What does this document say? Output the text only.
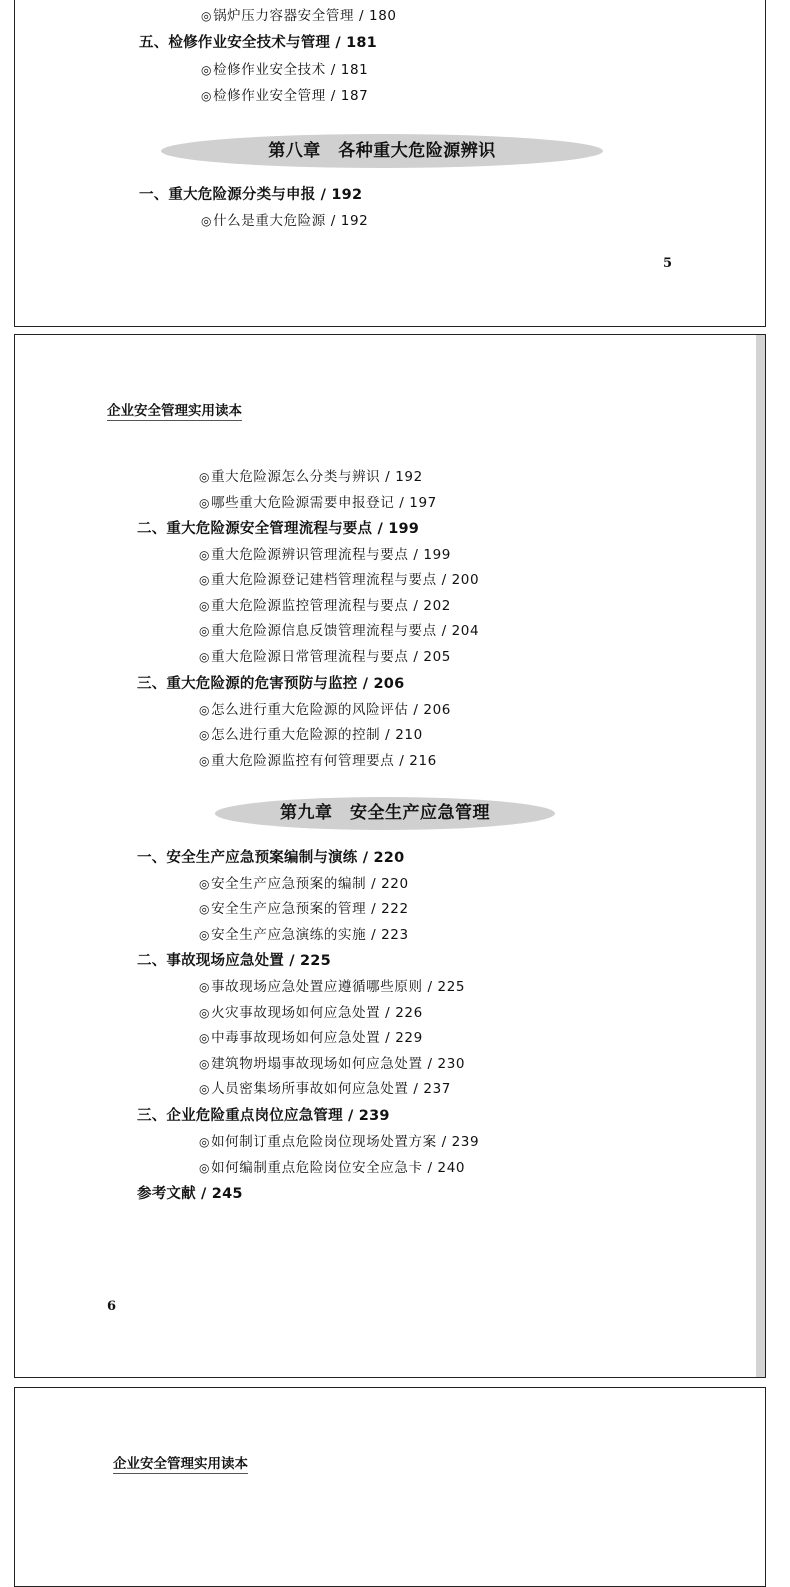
◎ 锅炉压力容器安全管理 / 180
五、检修作业安全技术与管理 / 181
◎ 检修作业安全技术 / 181
◎ 检修作业安全管理 / 187
第八章　各种重大危险源辨识
一、重大危险源分类与申报 / 192
◎ 什么是重大危险源 / 192
5
企业安全管理实用读本
◎ 重大危险源怎么分类与辨识 / 192
◎ 哪些重大危险源需要申报登记 / 197
二、重大危险源安全管理流程与要点 / 199
◎ 重大危险源辨识管理流程与要点 / 199
◎ 重大危险源登记建档管理流程与要点 / 200
◎ 重大危险源监控管理流程与要点 / 202
◎ 重大危险源信息反馈管理流程与要点 / 204
◎ 重大危险源日常管理流程与要点 / 205
三、重大危险源的危害预防与监控 / 206
◎ 怎么进行重大危险源的风险评估 / 206
◎ 怎么进行重大危险源的控制 / 210
◎ 重大危险源监控有何管理要点 / 216
第九章　安全生产应急管理
一、安全生产应急预案编制与演练 / 220
◎ 安全生产应急预案的编制 / 220
◎ 安全生产应急预案的管理 / 222
◎ 安全生产应急演练的实施 / 223
二、事故现场应急处置 / 225
◎ 事故现场应急处置应遵循哪些原则 / 225
◎ 火灾事故现场如何应急处置 / 226
◎ 中毒事故现场如何应急处置 / 229
◎ 建筑物坍塌事故现场如何应急处置 / 230
◎ 人员密集场所事故如何应急处置 / 237
三、企业危险重点岗位应急管理 / 239
◎ 如何制订重点危险岗位现场处置方案 / 239
◎ 如何编制重点危险岗位安全应急卡 / 240
参考文献 / 245
6
企业安全管理实用读本
